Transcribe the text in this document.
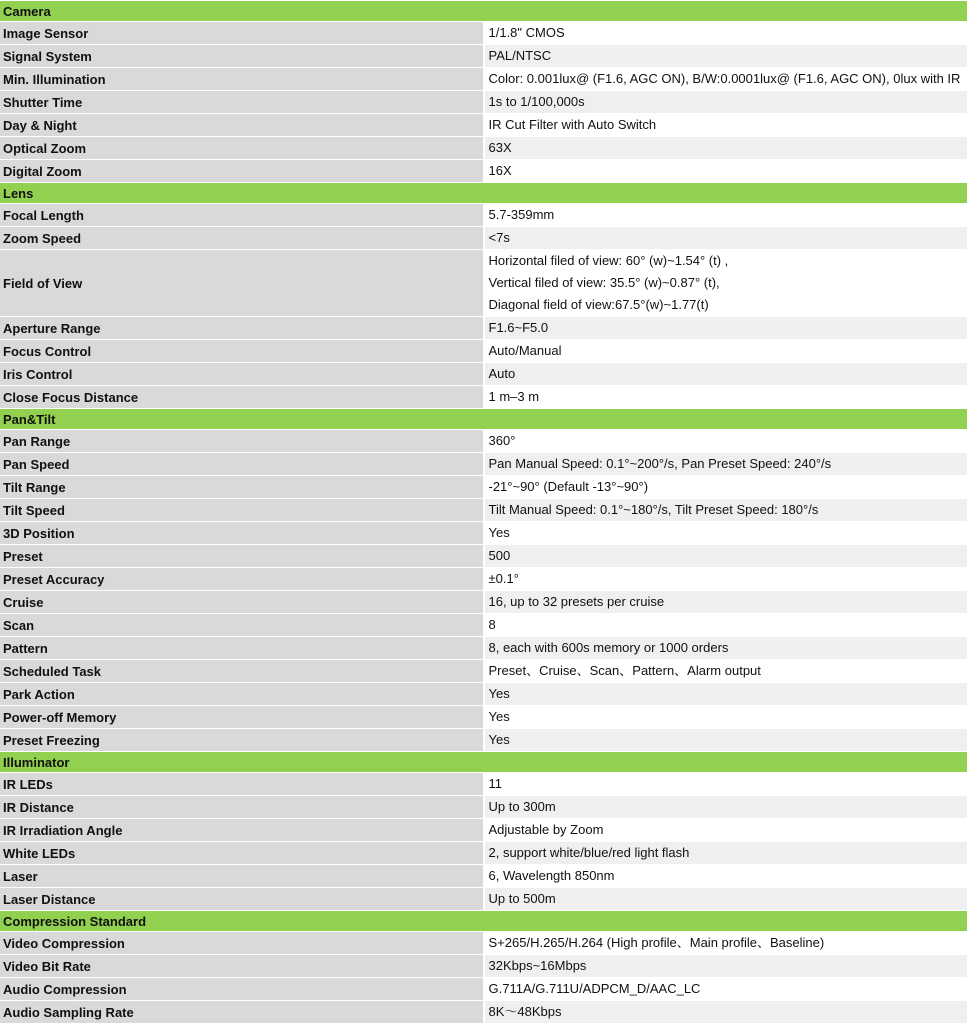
Camera	
Image Sensor	1/1.8" CMOS

Signal System	PAL/NTSC

Min. Illumination	Color: 0.001lux@ (F1.6, AGC ON), B/W:0.0001lux@ (F1.6, AGC ON), 0lux with IR

Shutter Time	1s to 1/100,000s

Day & Night	IR Cut Filter with Auto Switch

Optical Zoom	63X

Digital Zoom	16X

Lens	
Focal Length	5.7-359mm

Zoom Speed	<7s

Field of View	Horizontal filed of view: 60° (w)~1.54° (t) ,
Vertical filed of view: 35.5° (w)~0.87° (t),
Diagonal field of view:67.5°(w)~1.77(t)

Aperture Range	F1.6~F5.0

Focus Control	Auto/Manual

Iris Control	Auto

Close Focus Distance	1 m–3 m

Pan&Tilt	
Pan Range	360°

Pan Speed	Pan Manual Speed: 0.1°~200°/s, Pan Preset Speed: 240°/s

Tilt Range	-21°~90° (Default -13°~90°)

Tilt Speed	Tilt Manual Speed: 0.1°~180°/s, Tilt Preset Speed: 180°/s

3D Position	Yes

Preset	500

Preset Accuracy	±0.1°

Cruise	16, up to 32 presets per cruise

Scan	8

Pattern	8, each with 600s memory or 1000 orders

Scheduled Task	Preset、Cruise、Scan、Pattern、Alarm output

Park Action	Yes

Power-off Memory	Yes

Preset Freezing	Yes

Illuminator	
IR LEDs	11

IR Distance	Up to 300m

IR Irradiation Angle	Adjustable by Zoom

White LEDs	2, support white/blue/red light flash

Laser	6, Wavelength 850nm

Laser Distance	Up to 500m

Compression Standard	
Video Compression	S+265/H.265/H.264 (High profile、Main profile、Baseline)

Video Bit Rate	32Kbps~16Mbps

Audio Compression	G.711A/G.711U/ADPCM_D/AAC_LC

Audio Sampling Rate	8K～48Kbps
